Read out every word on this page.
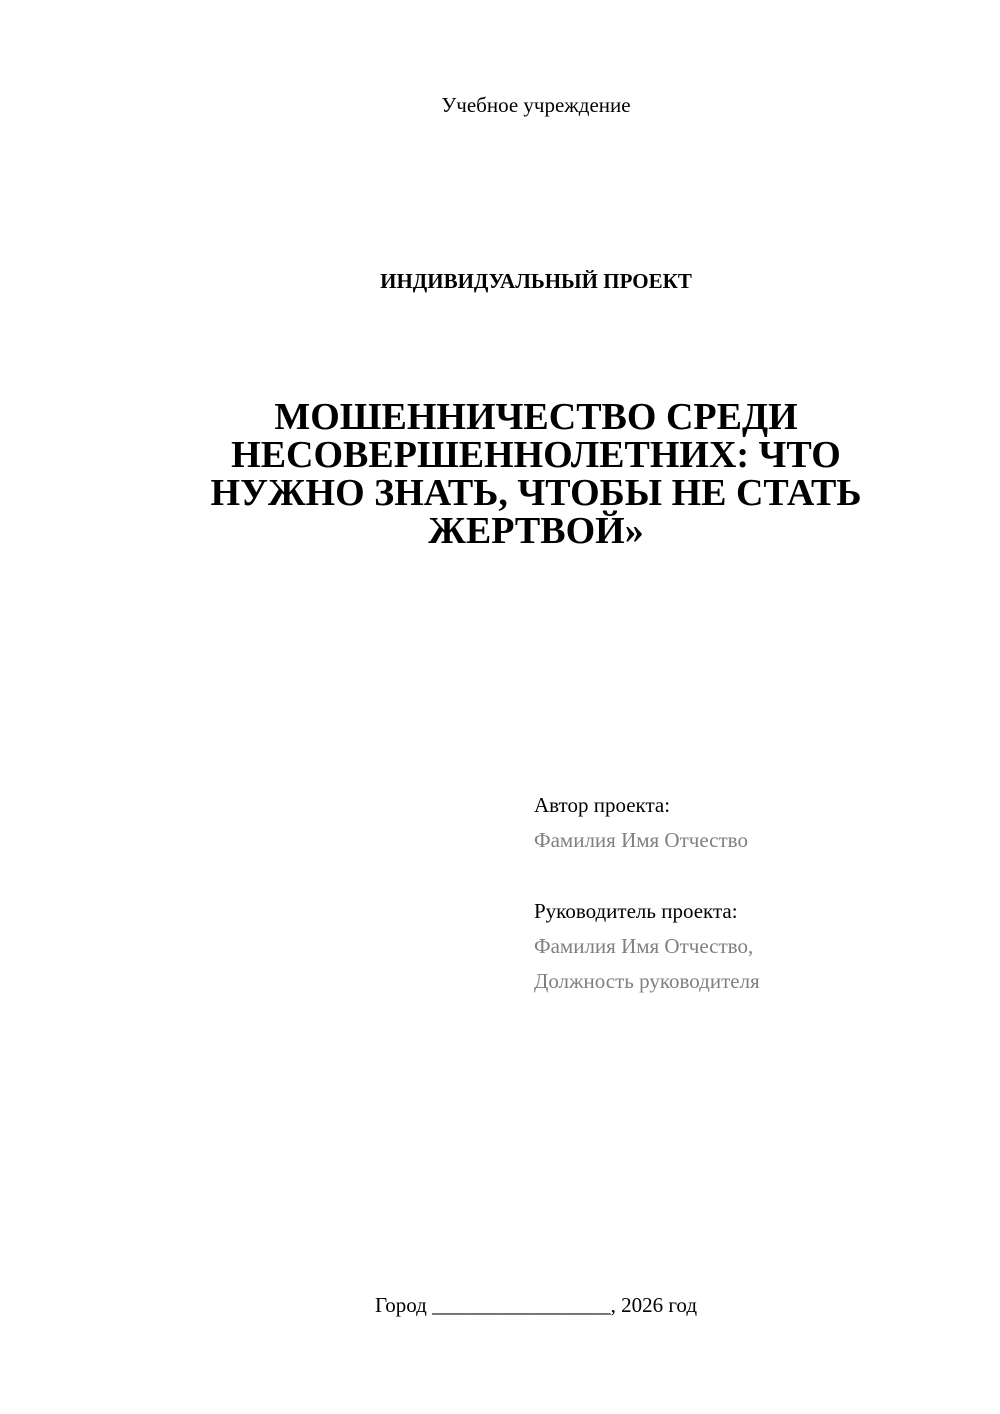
Учебное учреждение
ИНДИВИДУАЛЬНЫЙ ПРОЕКТ
МОШЕННИЧЕСТВО СРЕДИ
НЕСОВЕРШЕННОЛЕТНИХ: ЧТО
НУЖНО ЗНАТЬ, ЧТОБЫ НЕ СТАТЬ
ЖЕРТВОЙ»
Автор проекта:
Фамилия Имя Отчество
Руководитель проекта:
Фамилия Имя Отчество,
Должность руководителя
Город _________________, 2026 год
